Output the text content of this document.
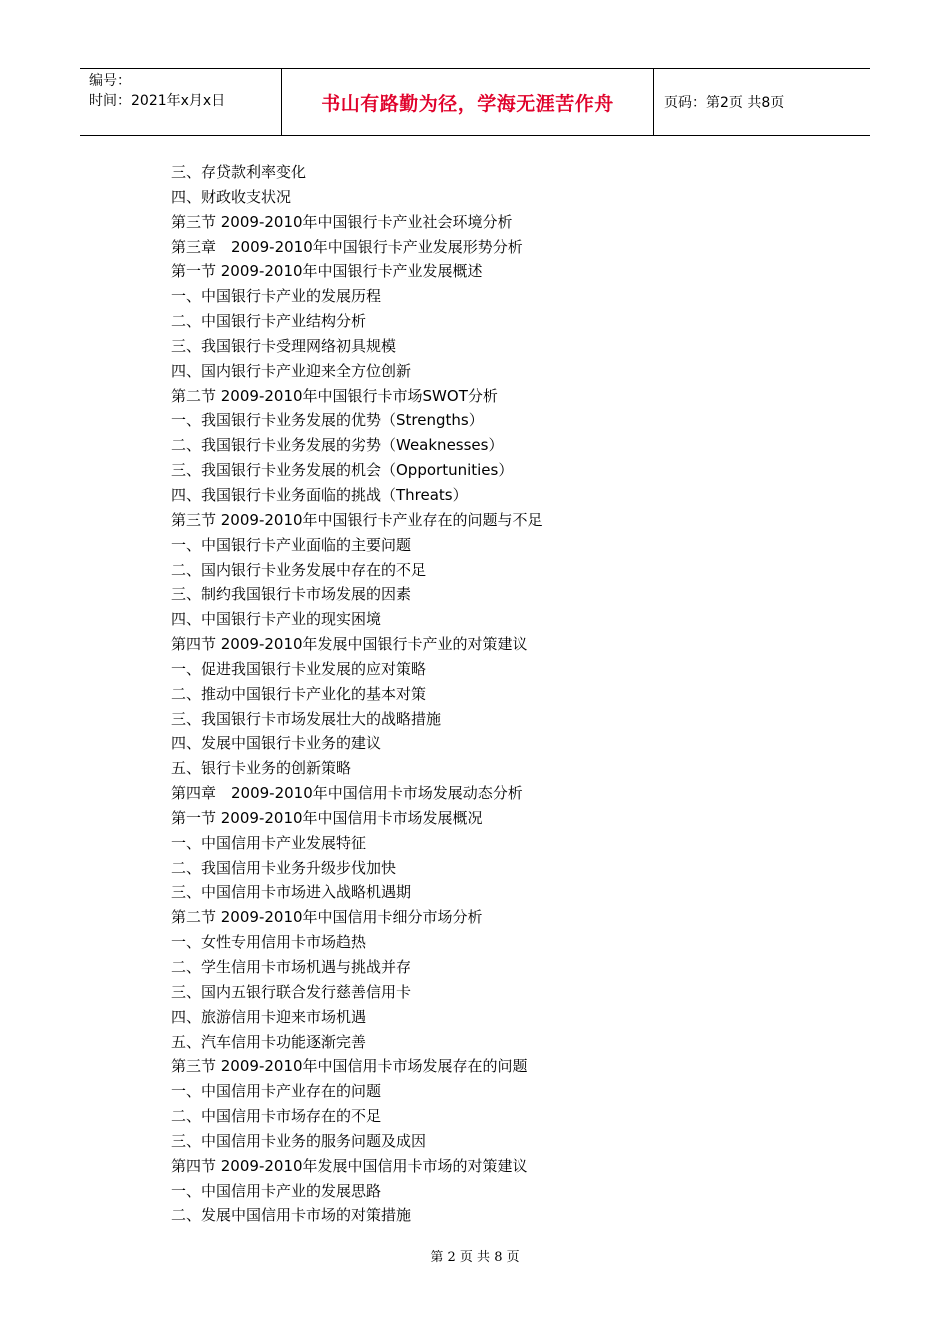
编号：
时间：2021年x月x日	书山有路勤为径，学海无涯苦作舟	页码：第2页 共8页
三、存贷款利率变化
四、财政收支状况
第三节 2009-2010年中国银行卡产业社会环境分析
第三章　2009-2010年中国银行卡产业发展形势分析
第一节 2009-2010年中国银行卡产业发展概述
一、中国银行卡产业的发展历程
二、中国银行卡产业结构分析
三、我国银行卡受理网络初具规模
四、国内银行卡产业迎来全方位创新
第二节 2009-2010年中国银行卡市场SWOT分析
一、我国银行卡业务发展的优势（Strengths）
二、我国银行卡业务发展的劣势（Weaknesses）
三、我国银行卡业务发展的机会（Opportunities）
四、我国银行卡业务面临的挑战（Threats）
第三节 2009-2010年中国银行卡产业存在的问题与不足
一、中国银行卡产业面临的主要问题
二、国内银行卡业务发展中存在的不足
三、制约我国银行卡市场发展的因素
四、中国银行卡产业的现实困境
第四节 2009-2010年发展中国银行卡产业的对策建议
一、促进我国银行卡业发展的应对策略
二、推动中国银行卡产业化的基本对策
三、我国银行卡市场发展壮大的战略措施
四、发展中国银行卡业务的建议
五、银行卡业务的创新策略
第四章　2009-2010年中国信用卡市场发展动态分析
第一节 2009-2010年中国信用卡市场发展概况
一、中国信用卡产业发展特征
二、我国信用卡业务升级步伐加快
三、中国信用卡市场进入战略机遇期
第二节 2009-2010年中国信用卡细分市场分析
一、女性专用信用卡市场趋热
二、学生信用卡市场机遇与挑战并存
三、国内五银行联合发行慈善信用卡
四、旅游信用卡迎来市场机遇
五、汽车信用卡功能逐渐完善
第三节 2009-2010年中国信用卡市场发展存在的问题
一、中国信用卡产业存在的问题
二、中国信用卡市场存在的不足
三、中国信用卡业务的服务问题及成因
第四节 2009-2010年发展中国信用卡市场的对策建议
一、中国信用卡产业的发展思路
二、发展中国信用卡市场的对策措施
第 2 页 共 8 页
